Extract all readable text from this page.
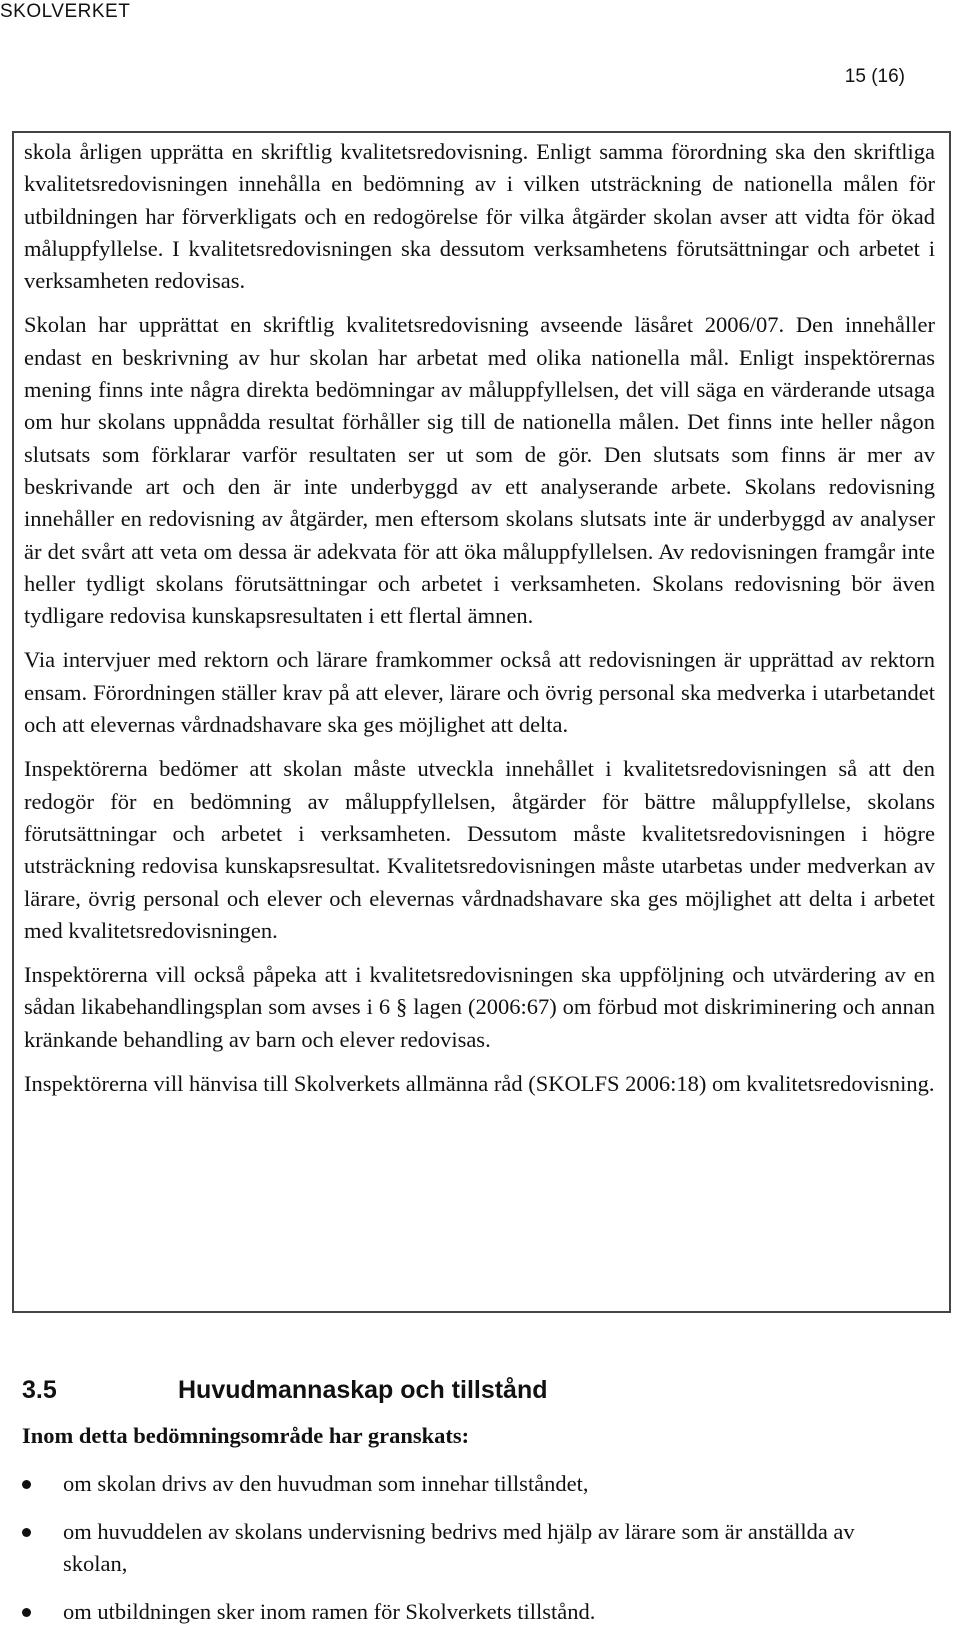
SKOLVERKET
15 (16)

skola årligen upprätta en skriftlig kvalitetsredovisning. Enligt samma förordning ska den skriftliga kvalitetsredovisningen innehålla en bedömning av i vilken utsträckning de nationella målen för utbildningen har förverkligats och en redogörelse för vilka åtgärder skolan avser att vidta för ökad måluppfyllelse. I kvalitetsredovisningen ska dessutom verksamhetens förutsättningar och arbetet i verksamheten redovisas.

Skolan har upprättat en skriftlig kvalitetsredovisning avseende läsåret 2006/07. Den innehåller endast en beskrivning av hur skolan har arbetat med olika nationella mål. Enligt inspektörernas mening finns inte några direkta bedömningar av måluppfyllelsen, det vill säga en värderande utsaga om hur skolans uppnådda resultat förhåller sig till de nationella målen. Det finns inte heller någon slutsats som förklarar varför resultaten ser ut som de gör. Den slutsats som finns är mer av beskrivande art och den är inte underbyggd av ett analyserande arbete. Skolans redovisning innehåller en redovisning av åtgärder, men eftersom skolans slutsats inte är underbyggd av analyser är det svårt att veta om dessa är adekvata för att öka måluppfyllelsen. Av redovisningen framgår inte heller tydligt skolans förutsättningar och arbetet i verksamheten. Skolans redovisning bör även tydligare redovisa kunskapsresultaten i ett flertal ämnen.

Via intervjuer med rektorn och lärare framkommer också att redovisningen är upprättad av rektorn ensam. Förordningen ställer krav på att elever, lärare och övrig personal ska medverka i utarbetandet och att elevernas vårdnadshavare ska ges möjlighet att delta.

Inspektörerna bedömer att skolan måste utveckla innehållet i kvalitetsredovisningen så att den redogör för en bedömning av måluppfyllelsen, åtgärder för bättre måluppfyllelse, skolans förutsättningar och arbetet i verksamheten. Dessutom måste kvalitetsredovisningen i högre utsträckning redovisa kunskapsresultat. Kvalitetsredovisningen måste utarbetas under medverkan av lärare, övrig personal och elever och elevernas vårdnadshavare ska ges möjlighet att delta i arbetet med kvalitetsredovisningen.

Inspektörerna vill också påpeka att i kvalitetsredovisningen ska uppföljning och utvärdering av en sådan likabehandlingsplan som avses i 6 § lagen (2006:67) om förbud mot diskriminering och annan kränkande behandling av barn och elever redovisas.

Inspektörerna vill hänvisa till Skolverkets allmänna råd (SKOLFS 2006:18) om kvalitetsredovisning.

3.5	Huvudmannaskap och tillstånd
Inom detta bedömningsområde har granskats:
om skolan drivs av den huvudman som innehar tillståndet,
om huvuddelen av skolans undervisning bedrivs med hjälp av lärare som är anställda av skolan,
om utbildningen sker inom ramen för Skolverkets tillstånd.
